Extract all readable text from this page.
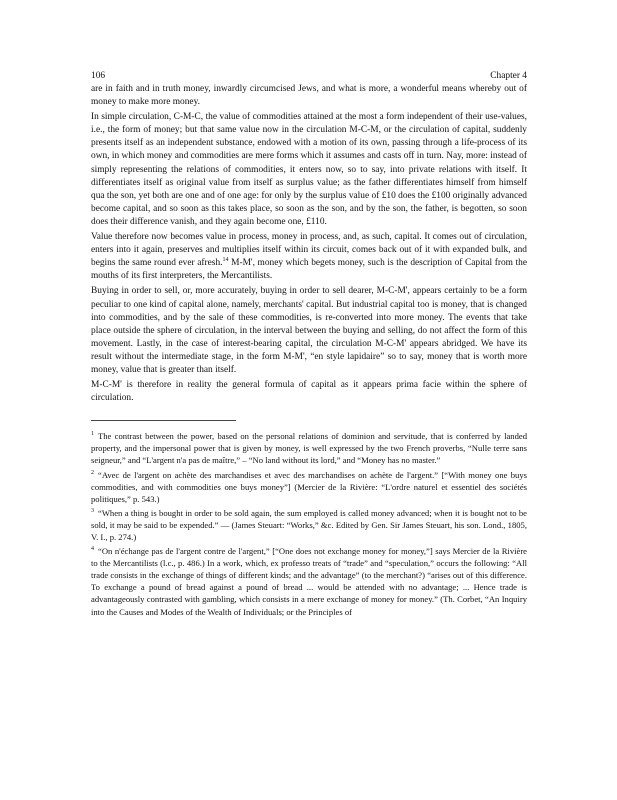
106	Chapter 4

are in faith and in truth money, inwardly circumcised Jews, and what is more, a wonderful means whereby out of money to make more money.

In simple circulation, C-M-C, the value of commodities attained at the most a form independent of their use-values, i.e., the form of money; but that same value now in the circulation M-C-M, or the circulation of capital, suddenly presents itself as an independent substance, endowed with a motion of its own, passing through a life-process of its own, in which money and commodities are mere forms which it assumes and casts off in turn. Nay, more: instead of simply representing the relations of commodities, it enters now, so to say, into private relations with itself. It differentiates itself as original value from itself as surplus value; as the father differentiates himself from himself qua the son, yet both are one and of one age: for only by the surplus value of £10 does the £100 originally advanced become capital, and so soon as this takes place, so soon as the son, and by the son, the father, is begotten, so soon does their difference vanish, and they again become one, £110.

Value therefore now becomes value in process, money in process, and, as such, capital. It comes out of circulation, enters into it again, preserves and multiplies itself within its circuit, comes back out of it with expanded bulk, and begins the same round ever afresh.$^{14}$ M-M', money which begets money, such is the description of Capital from the mouths of its first interpreters, the Mercantilists.

Buying in order to sell, or, more accurately, buying in order to sell dearer, M-C-M', appears certainly to be a form peculiar to one kind of capital alone, namely, merchants' capital. But industrial capital too is money, that is changed into commodities, and by the sale of these commodities, is re-converted into more money. The events that take place outside the sphere of circulation, in the interval between the buying and selling, do not affect the form of this movement. Lastly, in the case of interest-bearing capital, the circulation M-C-M' appears abridged. We have its result without the intermediate stage, in the form M-M', “en style lapidaire” so to say, money that is worth more money, value that is greater than itself.

M-C-M' is therefore in reality the general formula of capital as it appears prima facie within the sphere of circulation.

$^1$ The contrast between the power, based on the personal relations of dominion and servitude, that is conferred by landed property, and the impersonal power that is given by money, is well expressed by the two French proverbs, “Nulle terre sans seigneur,” and “L'argent n'a pas de maître,” – “No land without its lord,” and “Money has no master.”

$^2$ “Avec de l'argent on achète des marchandises et avec des marchandises on achète de l'argent.” [“With money one buys commodities, and with commodities one buys money”] (Mercier de la Rivière: “L'ordre naturel et essentiel des sociétés politiques,” p. 543.)

$^3$ “When a thing is bought in order to be sold again, the sum employed is called money advanced; when it is bought not to be sold, it may be said to be expended.” — (James Steuart: “Works,” &c. Edited by Gen. Sir James Steuart, his son. Lond., 1805, V. I., p. 274.)

$^4$ “On n'échange pas de l'argent contre de l'argent,” [“One does not exchange money for money,”] says Mercier de la Rivière to the Mercantilists (l.c., p. 486.) In a work, which, ex professo treats of “trade” and “speculation,” occurs the following: “All trade consists in the exchange of things of different kinds; and the advantage” (to the merchant?) “arises out of this difference. To exchange a pound of bread against a pound of bread ... would be attended with no advantage; ... Hence trade is advantageously contrasted with gambling, which consists in a mere exchange of money for money.” (Th. Corbet, “An Inquiry into the Causes and Modes of the Wealth of Individuals; or the Principles of
